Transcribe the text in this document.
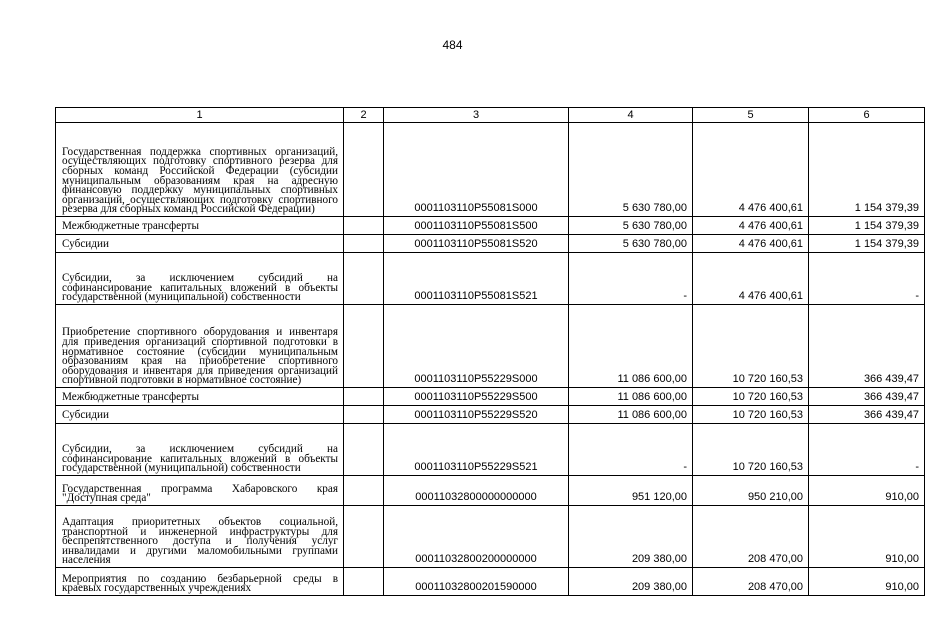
484
1	2	3	4	5	6
Государственная поддержка спортивных организаций, осуществляющих подготовку спортивного резерва для сборных команд Российской Федерации (субсидии муниципальным образованиям края на адресную финансовую поддержку муниципальных спортивных организаций, осуществляющих подготовку спортивного резерва для сборных команд Российской Федерации)		0001103110P55081S000	5 630 780,00	4 476 400,61	1 154 379,39
Межбюджетные трансферты		0001103110P55081S500	5 630 780,00	4 476 400,61	1 154 379,39
Субсидии		0001103110P55081S520	5 630 780,00	4 476 400,61	1 154 379,39
Субсидии, за исключением субсидий на софинансирование капитальных вложений в объекты государственной (муниципальной) собственности		0001103110P55081S521	-	4 476 400,61	-
Приобретение спортивного оборудования и инвентаря для приведения организаций спортивной подготовки в нормативное состояние (субсидии муниципальным образованиям края на приобретение спортивного оборудования и инвентаря для приведения организаций спортивной подготовки в нормативное состояние)		0001103110P55229S000	11 086 600,00	10 720 160,53	366 439,47
Межбюджетные трансферты		0001103110P55229S500	11 086 600,00	10 720 160,53	366 439,47
Субсидии		0001103110P55229S520	11 086 600,00	10 720 160,53	366 439,47
Субсидии, за исключением субсидий на софинансирование капитальных вложений в объекты государственной (муниципальной) собственности		0001103110P55229S521	-	10 720 160,53	-
Государственная программа Хабаровского края "Доступная среда"		00011032800000000000	951 120,00	950 210,00	910,00
Адаптация приоритетных объектов социальной, транспортной и инженерной инфраструктуры для беспрепятственного доступа и получения услуг инвалидами и другими маломобильными группами населения		00011032800200000000	209 380,00	208 470,00	910,00
Мероприятия по созданию безбарьерной среды в краевых государственных учреждениях		00011032800201590000	209 380,00	208 470,00	910,00
